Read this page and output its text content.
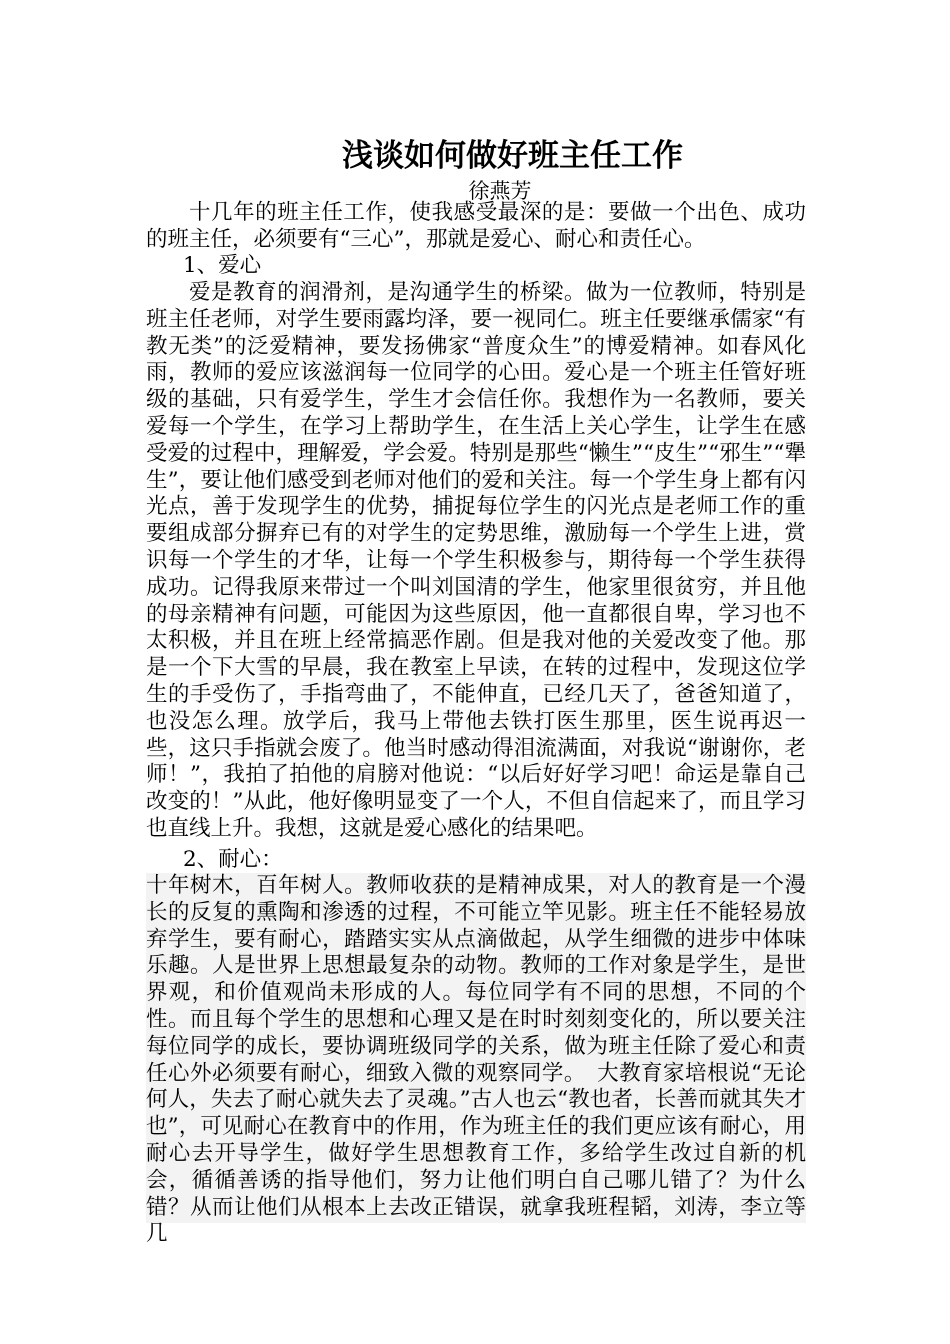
浅谈如何做好班主任工作
徐燕芳
十几年的班主任工作，使我感受最深的是：要做一个出色、成功的班主任，必须要有“三心”，那就是爱心、耐心和责任心。
1、爱心
爱是教育的润滑剂，是沟通学生的桥梁。做为一位教师，特别是班主任老师，对学生要雨露均泽，要一视同仁。班主任要继承儒家“有教无类”的泛爱精神，要发扬佛家“普度众生”的博爱精神。如春风化雨，教师的爱应该滋润每一位同学的心田。爱心是一个班主任管好班级的基础，只有爱学生，学生才会信任你。我想作为一名教师，要关爱每一个学生，在学习上帮助学生，在生活上关心学生，让学生在感受爱的过程中，理解爱，学会爱。特别是那些“懒生”“皮生”“邪生”“犟生”，要让他们感受到老师对他们的爱和关注。每一个学生身上都有闪光点，善于发现学生的优势，捕捉每位学生的闪光点是老师工作的重要组成部分摒弃已有的对学生的定势思维，激励每一个学生上进，赏识每一个学生的才华，让每一个学生积极参与，期待每一个学生获得成功。记得我原来带过一个叫刘国清的学生，他家里很贫穷，并且他的母亲精神有问题，可能因为这些原因，他一直都很自卑，学习也不太积极，并且在班上经常搞恶作剧。但是我对他的关爱改变了他。那是一个下大雪的早晨，我在教室上早读，在转的过程中，发现这位学生的手受伤了，手指弯曲了，不能伸直，已经几天了，爸爸知道了，也没怎么理。放学后，我马上带他去铁打医生那里，医生说再迟一些，这只手指就会废了。他当时感动得泪流满面，对我说“谢谢你，老师！”，我拍了拍他的肩膀对他说：“以后好好学习吧！命运是靠自己改变的！”从此，他好像明显变了一个人，不但自信起来了，而且学习也直线上升。我想，这就是爱心感化的结果吧。
2、耐心：
十年树木，百年树人。教师收获的是精神成果，对人的教育是一个漫长的反复的熏陶和渗透的过程，不可能立竿见影。班主任不能轻易放弃学生，要有耐心，踏踏实实从点滴做起，从学生细微的进步中体味乐趣。人是世界上思想最复杂的动物。教师的工作对象是学生，是世界观，和价值观尚未形成的人。每位同学有不同的思想，不同的个性。而且每个学生的思想和心理又是在时时刻刻变化的，所以要关注每位同学的成长，要协调班级同学的关系，做为班主任除了爱心和责任心外必须要有耐心，细致入微的观察同学。　大教育家培根说“无论何人，失去了耐心就失去了灵魂。”古人也云“教也者，长善而就其失才也”，可见耐心在教育中的作用，作为班主任的我们更应该有耐心，用耐心去开导学生，做好学生思想教育工作，多给学生改过自新的机会，循循善诱的指导他们，努力让他们明白自己哪儿错了？为什么错？从而让他们从根本上去改正错误，就拿我班程韬，刘涛，李立等几
